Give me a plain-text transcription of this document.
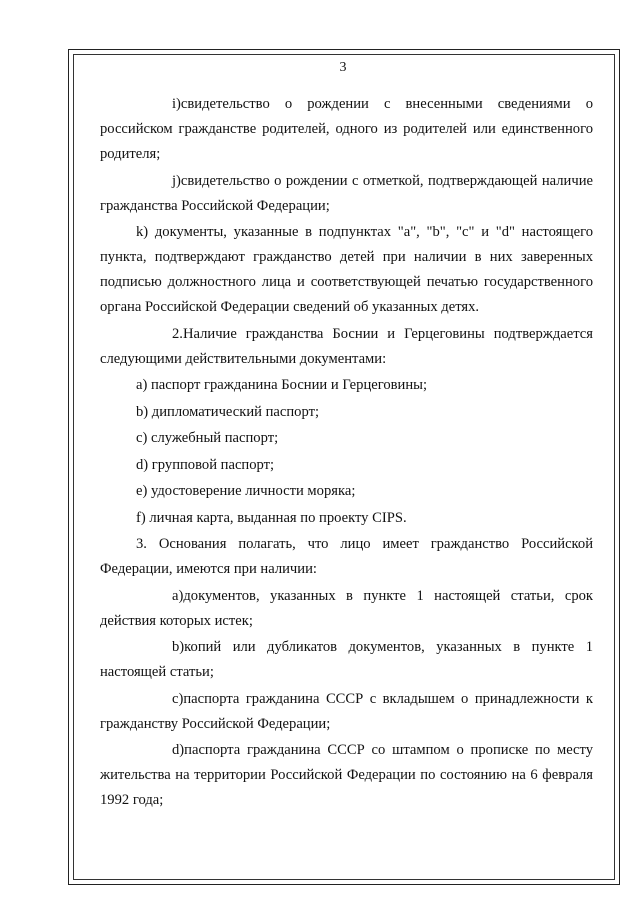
3

i)свидетельство о рождении с внесенными сведениями о российском гражданстве родителей, одного из родителей или единственного родителя;

j)свидетельство о рождении с отметкой, подтверждающей наличие гражданства Российской Федерации;

k) документы, указанные в подпунктах "a", "b", "c" и "d" настоящего пункта, подтверждают гражданство детей при наличии в них заверенных подписью должностного лица и соответствующей печатью государственного органа Российской Федерации сведений об указанных детях.

2.Наличие гражданства Боснии и Герцеговины подтверждается следующими действительными документами:

a) паспорт гражданина Боснии и Герцеговины;

b) дипломатический паспорт;

c) служебный паспорт;

d) групповой паспорт;

e) удостоверение личности моряка;

f) личная карта, выданная по проекту CIPS.

3. Основания полагать, что лицо имеет гражданство Российской Федерации, имеются при наличии:

a)документов, указанных в пункте 1 настоящей статьи, срок действия которых истек;

b)копий или дубликатов документов, указанных в пункте 1 настоящей статьи;

c)паспорта гражданина СССР с вкладышем о принадлежности к гражданству Российской Федерации;

d)паспорта гражданина СССР со штампом о прописке по месту жительства на территории Российской Федерации по состоянию на 6 февраля 1992 года;
